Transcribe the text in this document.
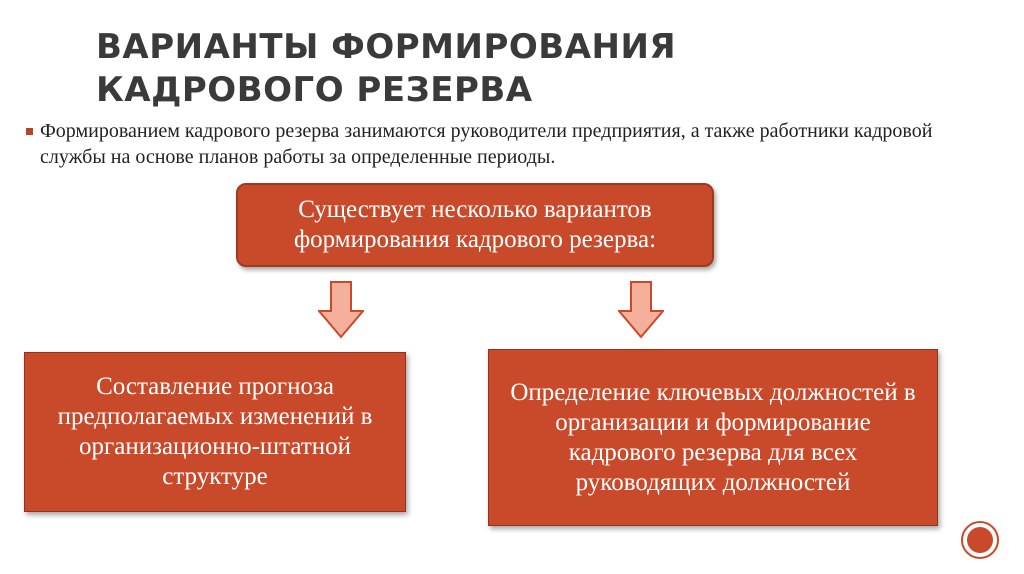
ВАРИАНТЫ ФОРМИРОВАНИЯ КАДРОВОГО РЕЗЕРВА
Формированием кадрового резерва занимаются руководители предприятия, а также работники кадровой службы на основе планов работы за определенные периоды.
Существует несколько вариантов формирования кадрового резерва:
Составление прогноза предполагаемых изменений в организационно-штатной структуре
Определение ключевых должностей в организации и формирование кадрового резерва для всех руководящих должностей
